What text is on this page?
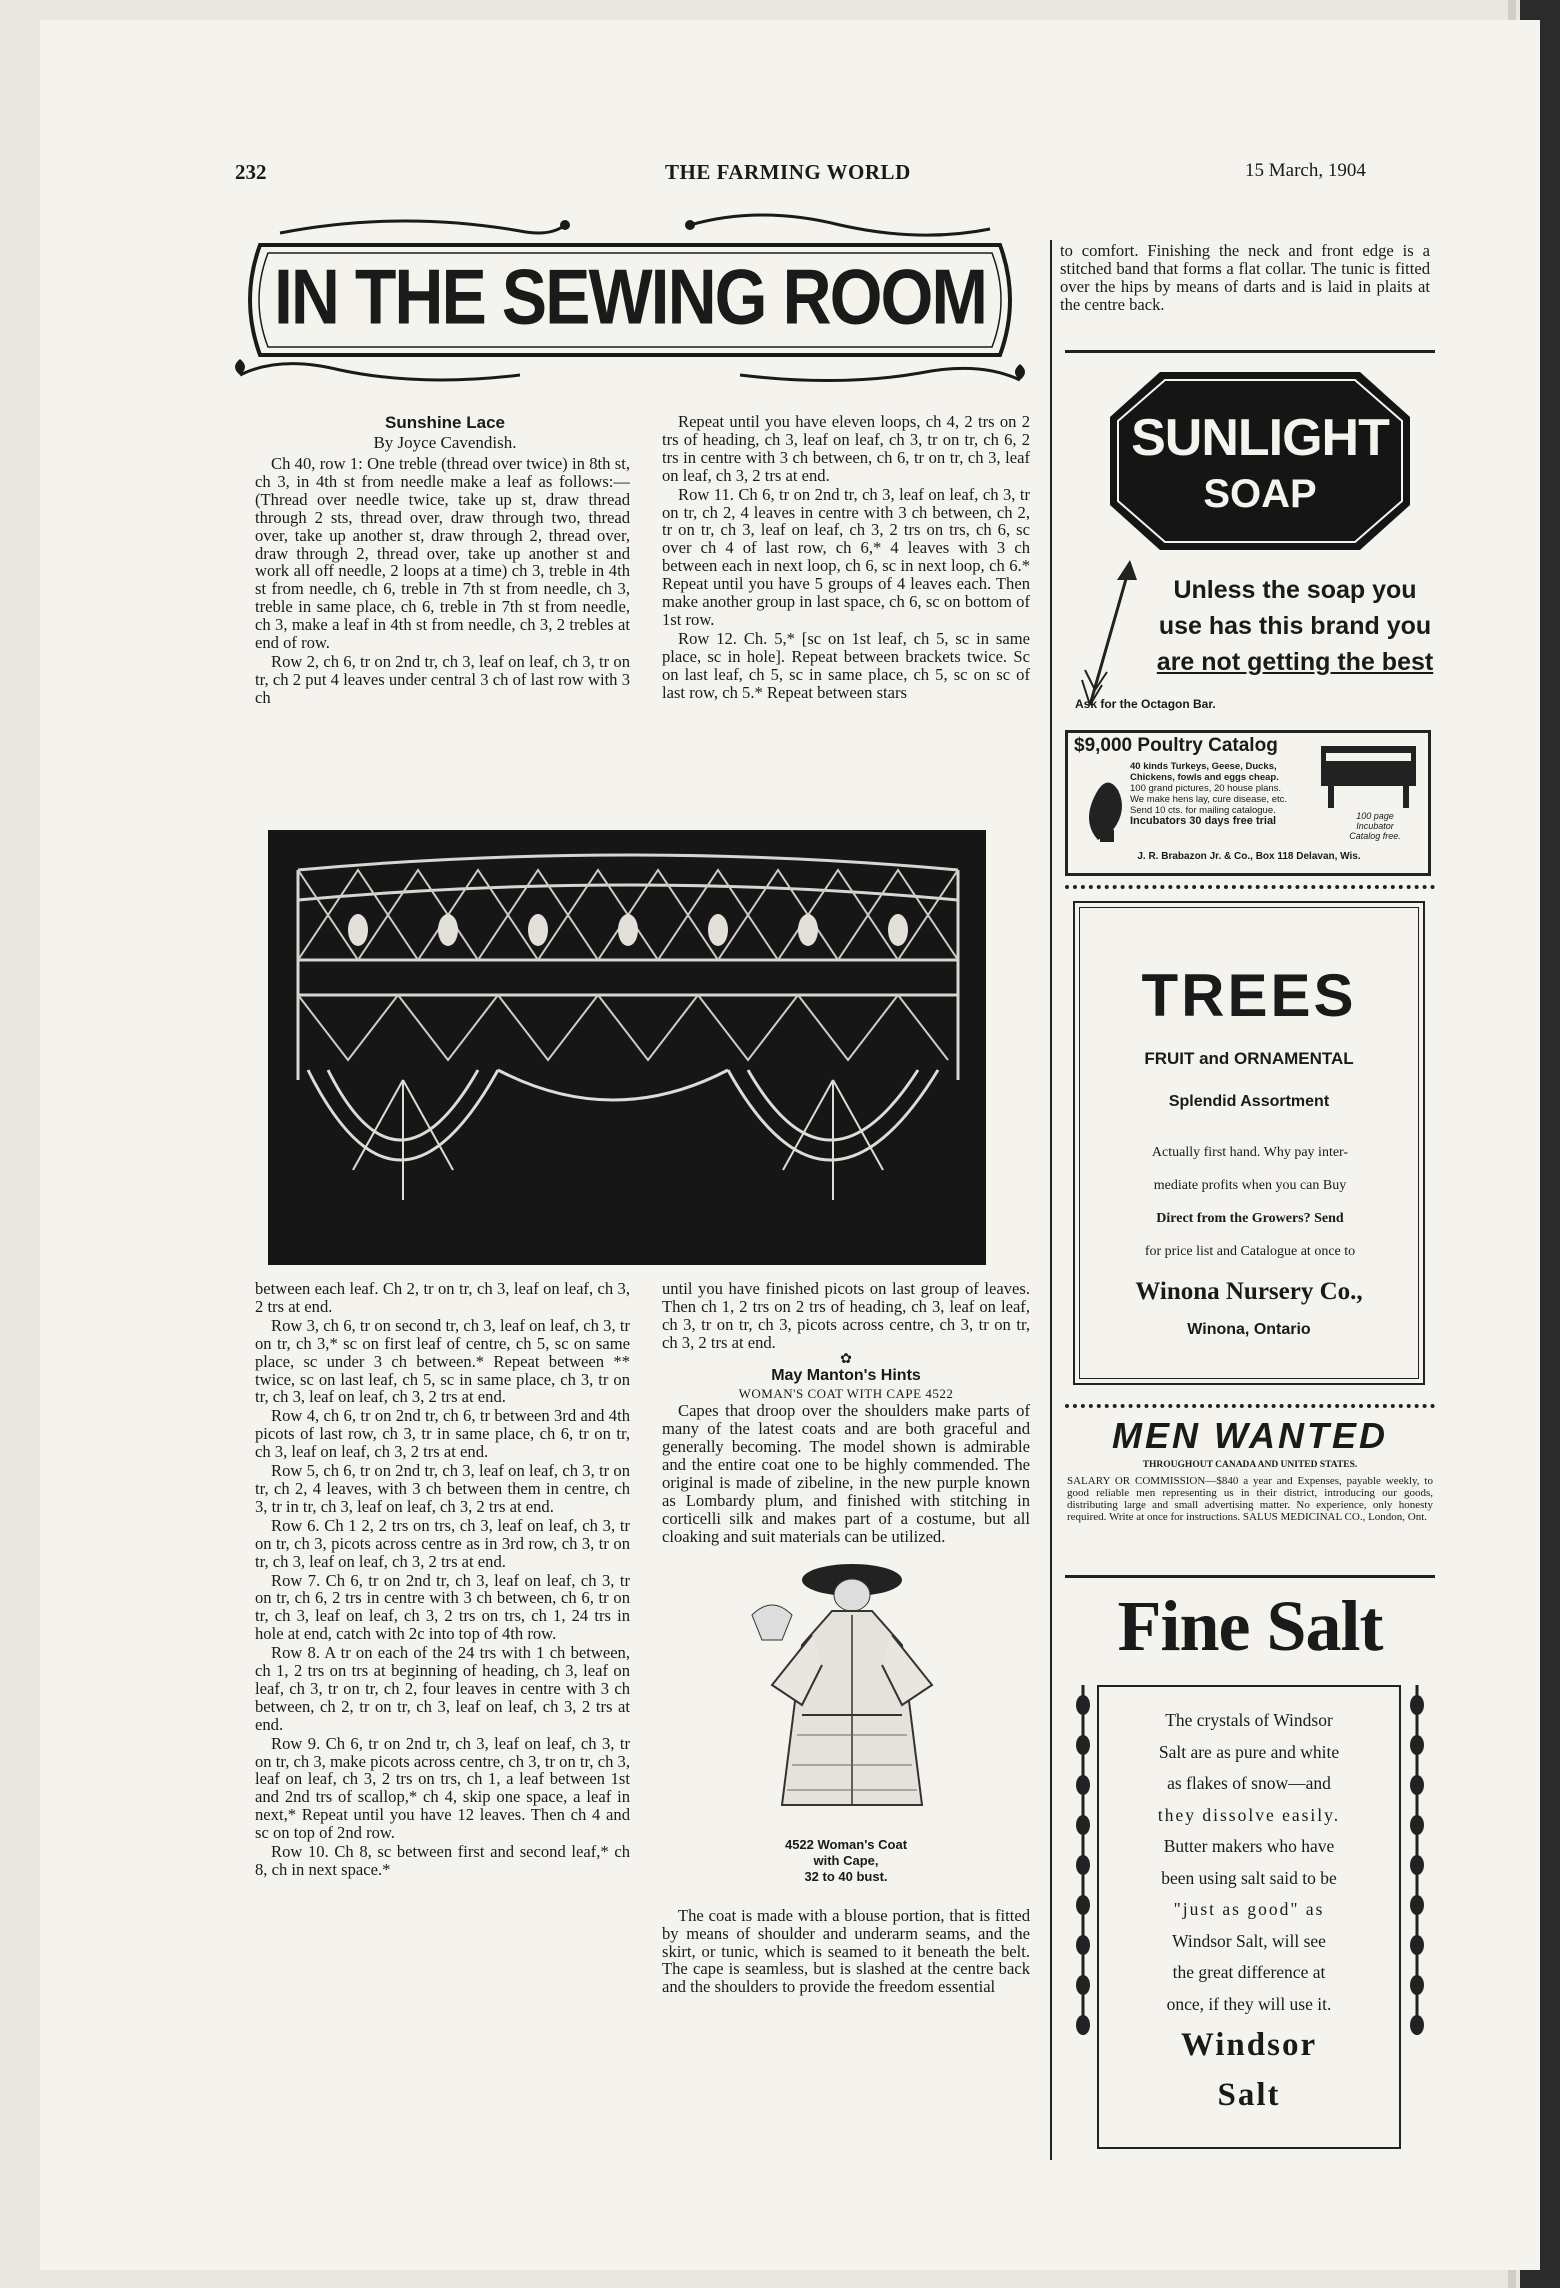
232	THE FARMING WORLD	15 March, 1904
IN THE SEWING ROOM
Sunshine Lace
By Joyce Cavendish.

Ch 40, row 1: One treble (thread over twice) in 8th st, ch 3, in 4th st from needle make a leaf as follows:—(Thread over needle twice, take up st, draw thread through 2 sts, thread over, draw through two, thread over, take up another st, draw through 2, thread over, draw through 2, thread over, take up another st and work all off needle, 2 loops at a time) ch 3, treble in 4th st from needle, ch 6, treble in 7th st from needle, ch 3, treble in same place, ch 6, treble in 7th st from needle, ch 3, make a leaf in 4th st from needle, ch 3, 2 trebles at end of row.

Row 2, ch 6, tr on 2nd tr, ch 3, leaf on leaf, ch 3, tr on tr, ch 2 put 4 leaves under central 3 ch of last row with 3 ch

Repeat until you have eleven loops, ch 4, 2 trs on 2 trs of heading, ch 3, leaf on leaf, ch 3, tr on tr, ch 6, 2 trs in centre with 3 ch between, ch 6, tr on tr, ch 3, leaf on leaf, ch 3, 2 trs at end.

Row 11. Ch 6, tr on 2nd tr, ch 3, leaf on leaf, ch 3, tr on tr, ch 2, 4 leaves in centre with 3 ch between, ch 2, tr on tr, ch 3, leaf on leaf, ch 3, 2 trs on trs, ch 6, sc over ch 4 of last row, ch 6,* 4 leaves with 3 ch between each in next loop, ch 6, sc in next loop, ch 6.* Repeat until you have 5 groups of 4 leaves each. Then make another group in last space, ch 6, sc on bottom of 1st row.

Row 12. Ch. 5,* [sc on 1st leaf, ch 5, sc in same place, sc in hole]. Repeat between brackets twice. Sc on last leaf, ch 5, sc in same place, ch 5, sc on sc of last row, ch 5.* Repeat between stars

between each leaf. Ch 2, tr on tr, ch 3, leaf on leaf, ch 3, 2 trs at end.

Row 3, ch 6, tr on second tr, ch 3, leaf on leaf, ch 3, tr on tr, ch 3,* sc on first leaf of centre, ch 5, sc on same place, sc under 3 ch between.* Repeat between ** twice, sc on last leaf, ch 5, sc in same place, ch 3, tr on tr, ch 3, leaf on leaf, ch 3, 2 trs at end.

Row 4, ch 6, tr on 2nd tr, ch 6, tr between 3rd and 4th picots of last row, ch 3, tr in same place, ch 6, tr on tr, ch 3, leaf on leaf, ch 3, 2 trs at end.

Row 5, ch 6, tr on 2nd tr, ch 3, leaf on leaf, ch 3, tr on tr, ch 2, 4 leaves, with 3 ch between them in centre, ch 3, tr in tr, ch 3, leaf on leaf, ch 3, 2 trs at end.

Row 6. Ch 1 2, 2 trs on trs, ch 3, leaf on leaf, ch 3, tr on tr, ch 3, picots across centre as in 3rd row, ch 3, tr on tr, ch 3, leaf on leaf, ch 3, 2 trs at end.

Row 7. Ch 6, tr on 2nd tr, ch 3, leaf on leaf, ch 3, tr on tr, ch 6, 2 trs in centre with 3 ch between, ch 6, tr on tr, ch 3, leaf on leaf, ch 3, 2 trs on trs, ch 1, 24 trs in hole at end, catch with 2c into top of 4th row.

Row 8. A tr on each of the 24 trs with 1 ch between, ch 1, 2 trs on trs at beginning of heading, ch 3, leaf on leaf, ch 3, tr on tr, ch 2, four leaves in centre with 3 ch between, ch 2, tr on tr, ch 3, leaf on leaf, ch 3, 2 trs at end.

Row 9. Ch 6, tr on 2nd tr, ch 3, leaf on leaf, ch 3, tr on tr, ch 3, make picots across centre, ch 3, tr on tr, ch 3, leaf on leaf, ch 3, 2 trs on trs, ch 1, a leaf between 1st and 2nd trs of scallop,* ch 4, skip one space, a leaf in next,* Repeat until you have 12 leaves. Then ch 4 and sc on top of 2nd row.

Row 10. Ch 8, sc between first and second leaf,* ch 8, ch in next space.*

until you have finished picots on last group of leaves. Then ch 1, 2 trs on 2 trs of heading, ch 3, leaf on leaf, ch 3, tr on tr, ch 3, picots across centre, ch 3, tr on tr, ch 3, 2 trs at end.

✿
May Manton's Hints
WOMAN'S COAT WITH CAPE 4522

Capes that droop over the shoulders make parts of many of the latest coats and are both graceful and generally becoming. The model shown is admirable and the entire coat one to be highly commended. The original is made of zibeline, in the new purple known as Lombardy plum, and finished with stitching in corticelli silk and makes part of a costume, but all cloaking and suit materials can be utilized.

4522 Woman's Coat
with Cape,
32 to 40 bust.

The coat is made with a blouse portion, that is fitted by means of shoulder and underarm seams, and the skirt, or tunic, which is seamed to it beneath the belt. The cape is seamless, but is slashed at the centre back and the shoulders to provide the freedom essential

to comfort. Finishing the neck and front edge is a stitched band that forms a flat collar. The tunic is fitted over the hips by means of darts and is laid in plaits at the centre back.

SUNLIGHT
SOAP
Unless the soap you
use has this brand you
are not getting the best
Ask for the Octagon Bar.
$9,000 Poultry Catalog
40 kinds Turkeys, Geese, Ducks,
Chickens, fowls and eggs cheap.
100 grand pictures, 20 house plans.
We make hens lay, cure disease, etc.
Send 10 cts. for mailing catalogue.
Incubators 30 days free trial	100 page
Incubator
Catalog free.
J. R. Brabazon Jr. & Co., Box 118 Delavan, Wis.
TREES
FRUIT and ORNAMENTAL
Splendid Assortment
Actually first hand. Why pay inter-
mediate profits when you can Buy
Direct from the Growers? Send
for price list and Catalogue at once to
Winona Nursery Co.,
Winona, Ontario
MEN WANTED
THROUGHOUT CANADA AND UNITED STATES.
SALARY OR COMMISSION—$840 a year and Expenses, payable weekly, to good reliable men representing us in their district, introducing our goods, distributing large and small advertising matter. No experience, only honesty required. Write at once for instructions. SALUS MEDICINAL CO., London, Ont.
Fine Salt
The crystals of Windsor
Salt are as pure and white
as flakes of snow—and
they dissolve easily.
Butter makers who have
been using salt said to be
"just as good" as
Windsor Salt, will see
the great difference at
once, if they will use it.
Windsor
Salt
